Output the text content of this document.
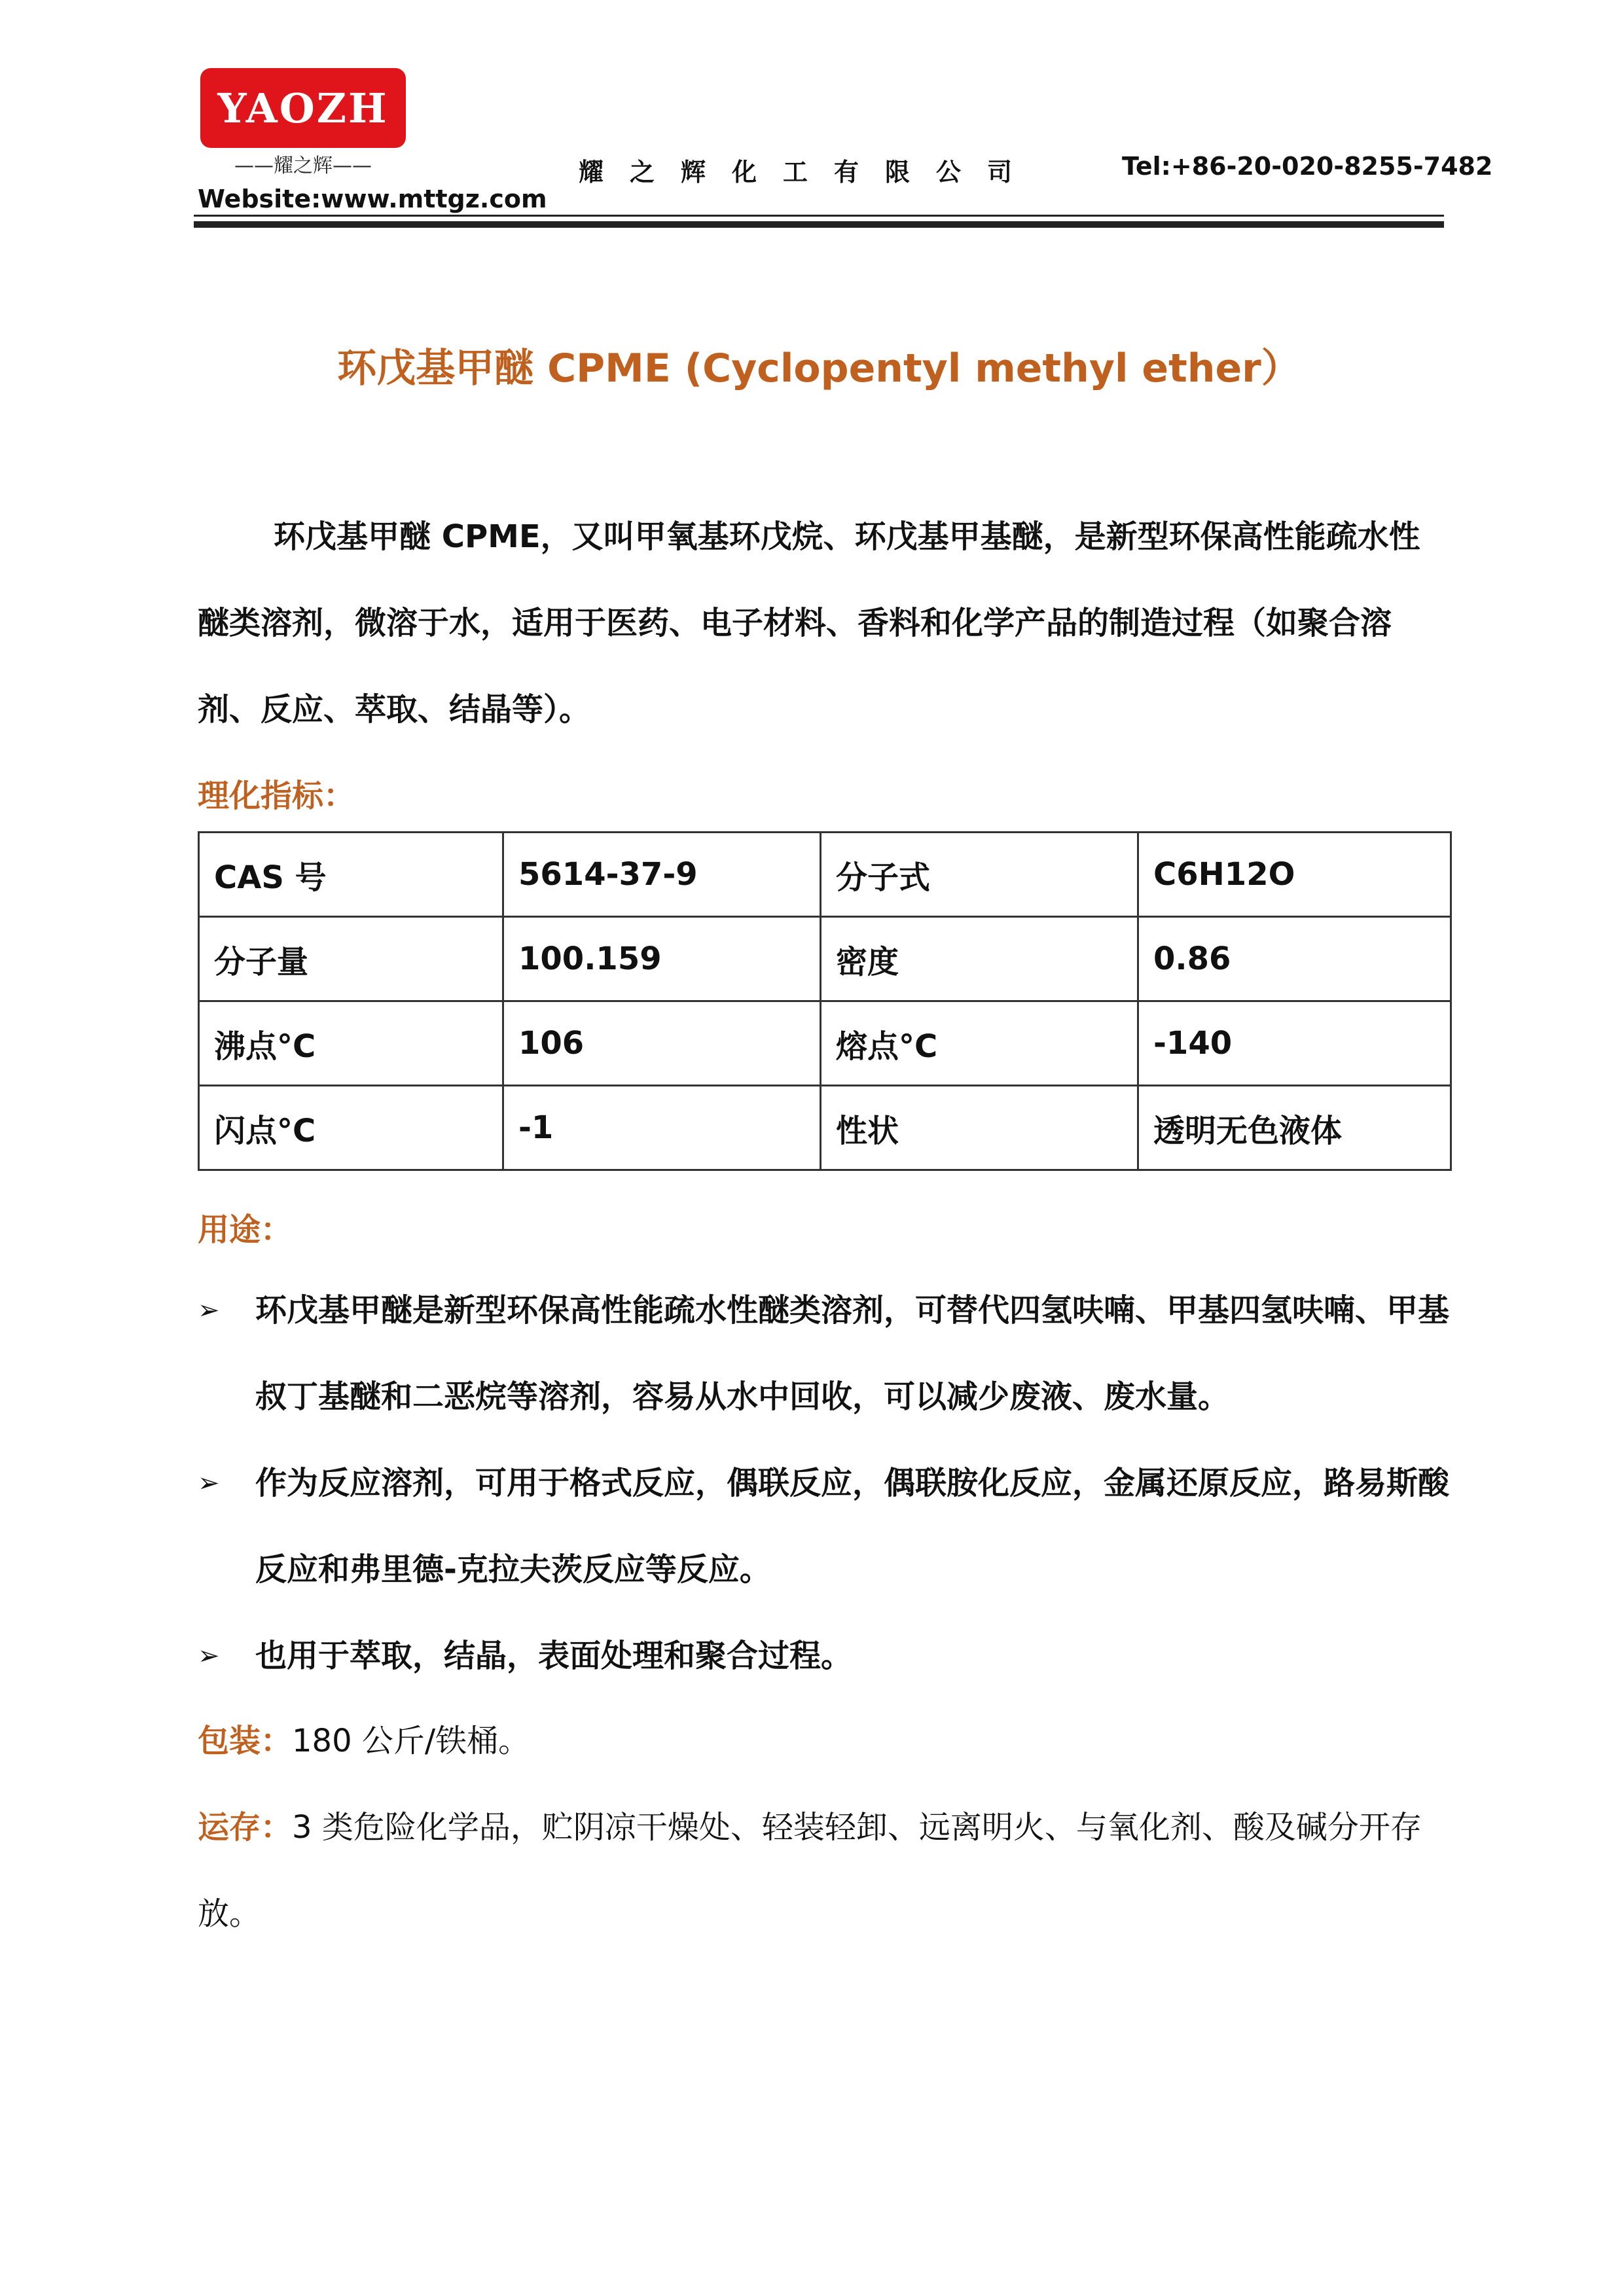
YAOZH
——耀之辉——
Website:www.mttgz.com
耀之辉化工有限公司	Tel:+86-20-020-8255-7482
环戊基甲醚 CPME (Cyclopentyl methyl ether）

环戊基甲醚 CPME，又叫甲氧基环戊烷、环戊基甲基醚，是新型环保高性能疏水性醚类溶剂，微溶于水，适用于医药、电子材料、香料和化学产品的制造过程（如聚合溶剂、反应、萃取、结晶等）。

理化指标：
CAS 号	5614-37-9	分子式	C6H12O
分子量	100.159	密度	0.86
沸点°C	106	熔点°C	-140
闪点°C	-1	性状	透明无色液体
用途：
➢	环戊基甲醚是新型环保高性能疏水性醚类溶剂，可替代四氢呋喃、甲基四氢呋喃、甲基叔丁基醚和二恶烷等溶剂，容易从水中回收，可以减少废液、废水量。
➢	作为反应溶剂，可用于格式反应，偶联反应，偶联胺化反应，金属还原反应，路易斯酸反应和弗里德-克拉夫茨反应等反应。
➢	也用于萃取，结晶，表面处理和聚合过程。
包装：180 公斤/铁桶。
运存：3 类危险化学品，贮阴凉干燥处、轻装轻卸、远离明火、与氧化剂、酸及碱分开存放。
